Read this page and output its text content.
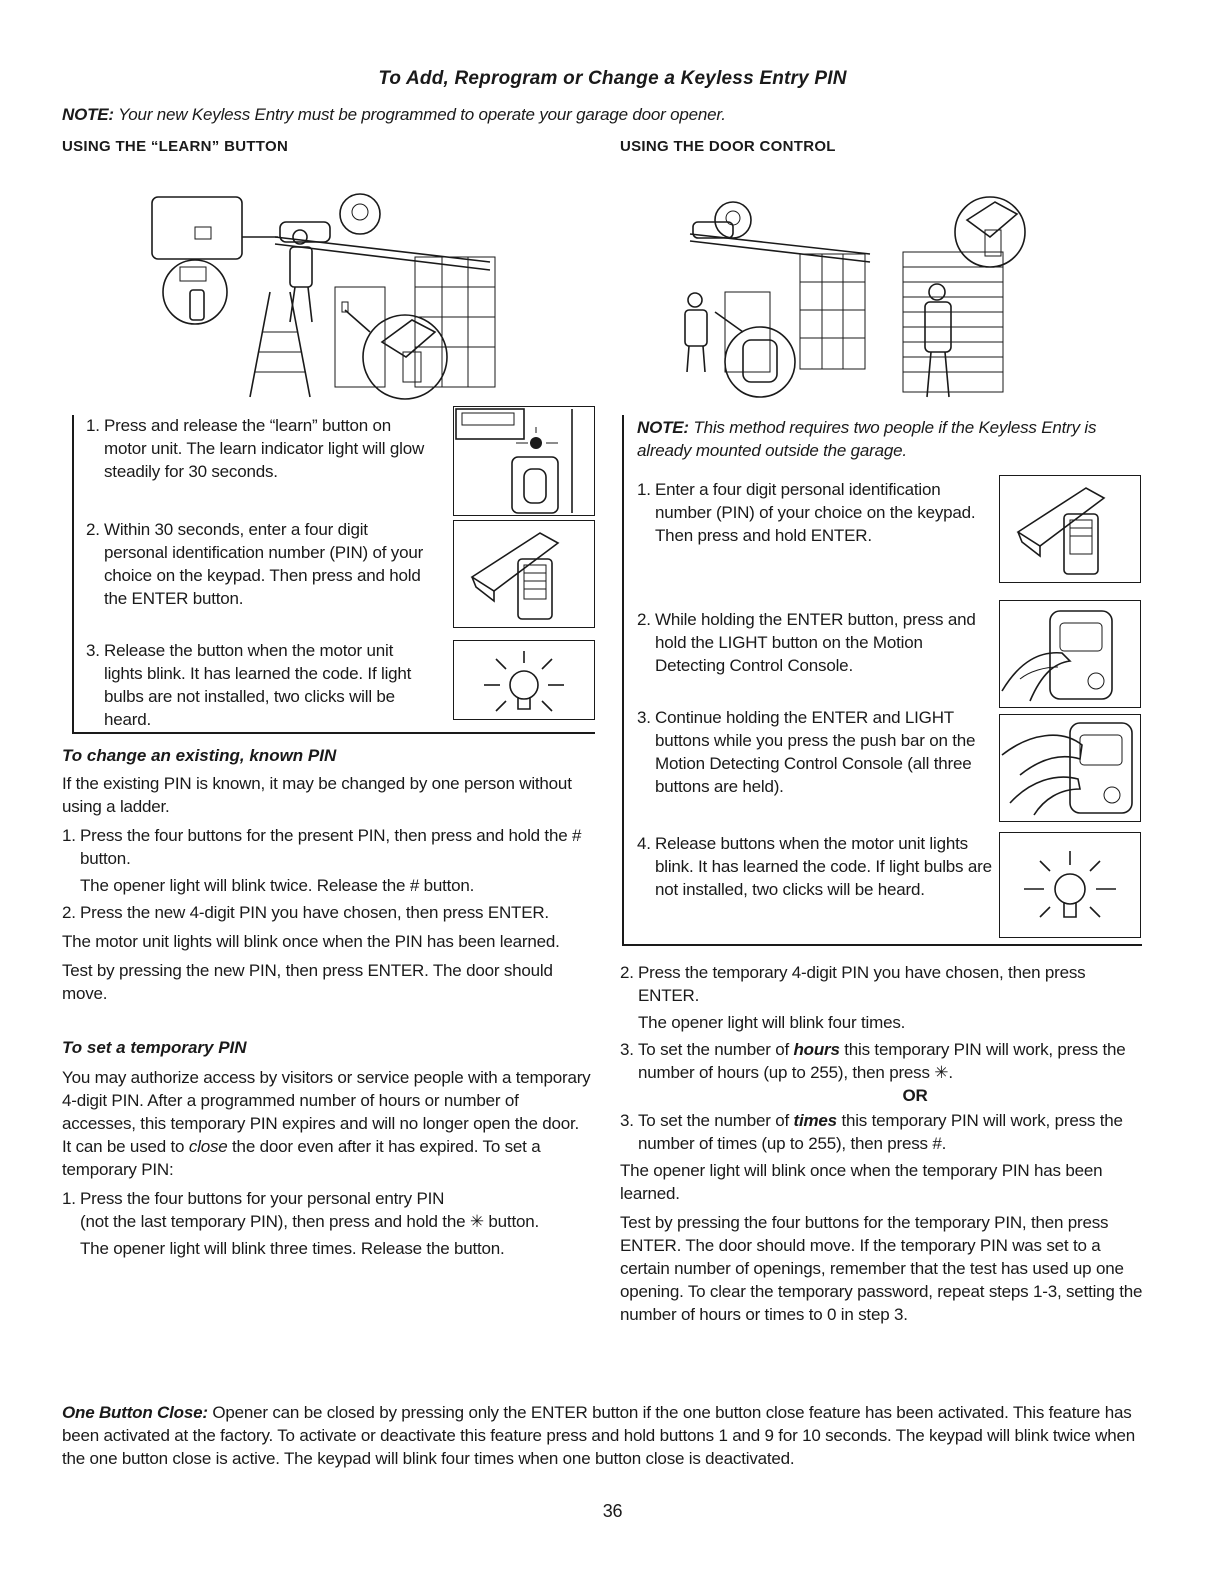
To Add, Reprogram or Change a Keyless Entry PIN
NOTE: Your new Keyless Entry must be programmed to operate your garage door opener.
USING THE “LEARN” BUTTON	USING THE DOOR CONTROL
1. Press and release the “learn” button on motor unit. The learn indicator light will glow steadily for 30 seconds.
2. Within 30 seconds, enter a four digit personal identification number (PIN) of your choice on the keypad. Then press and hold the ENTER button.
3. Release the button when the motor unit lights blink. It has learned the code. If light bulbs are not installed, two clicks will be heard.
To change an existing, known PIN
If the existing PIN is known, it may be changed by one person without using a ladder.
1. Press the four buttons for the present PIN, then press and hold the # button.
The opener light will blink twice. Release the # button.
2. Press the new 4-digit PIN you have chosen, then press ENTER.
The motor unit lights will blink once when the PIN has been learned.
Test by pressing the new PIN, then press ENTER. The door should move.
To set a temporary PIN
You may authorize access by visitors or service people with a temporary 4-digit PIN. After a programmed number of hours or number of accesses, this temporary PIN expires and will no longer open the door. It can be used to close the door even after it has expired. To set a temporary PIN:
1. Press the four buttons for your personal entry PIN
(not the last temporary PIN), then press and hold the ✳ button.
The opener light will blink three times. Release the button.
NOTE: This method requires two people if the Keyless Entry is already mounted outside the garage.
1. Enter a four digit personal identification number (PIN) of your choice on the keypad. Then press and hold ENTER.
2. While holding the ENTER button, press and hold the LIGHT button on the Motion Detecting Control Console.
3. Continue holding the ENTER and LIGHT buttons while you press the push bar on the Motion Detecting Control Console (all three buttons are held).
4. Release buttons when the motor unit lights blink. It has learned the code. If light bulbs are not installed, two clicks will be heard.
2. Press the temporary 4-digit PIN you have chosen, then press ENTER.
The opener light will blink four times.
3. To set the number of hours this temporary PIN will work, press the number of hours (up to 255), then press ✳.
OR
3. To set the number of times this temporary PIN will work, press the number of times (up to 255), then press #.
The opener light will blink once when the temporary PIN has been learned.
Test by pressing the four buttons for the temporary PIN, then press ENTER. The door should move. If the temporary PIN was set to a certain number of openings, remember that the test has used up one opening. To clear the temporary password, repeat steps 1-3, setting the number of hours or times to 0 in step 3.
One Button Close: Opener can be closed by pressing only the ENTER button if the one button close feature has been activated. This feature has been activated at the factory. To activate or deactivate this feature press and hold buttons 1 and 9 for 10 seconds. The keypad will blink twice when the one button close is active. The keypad will blink four times when one button close is deactivated.
36
